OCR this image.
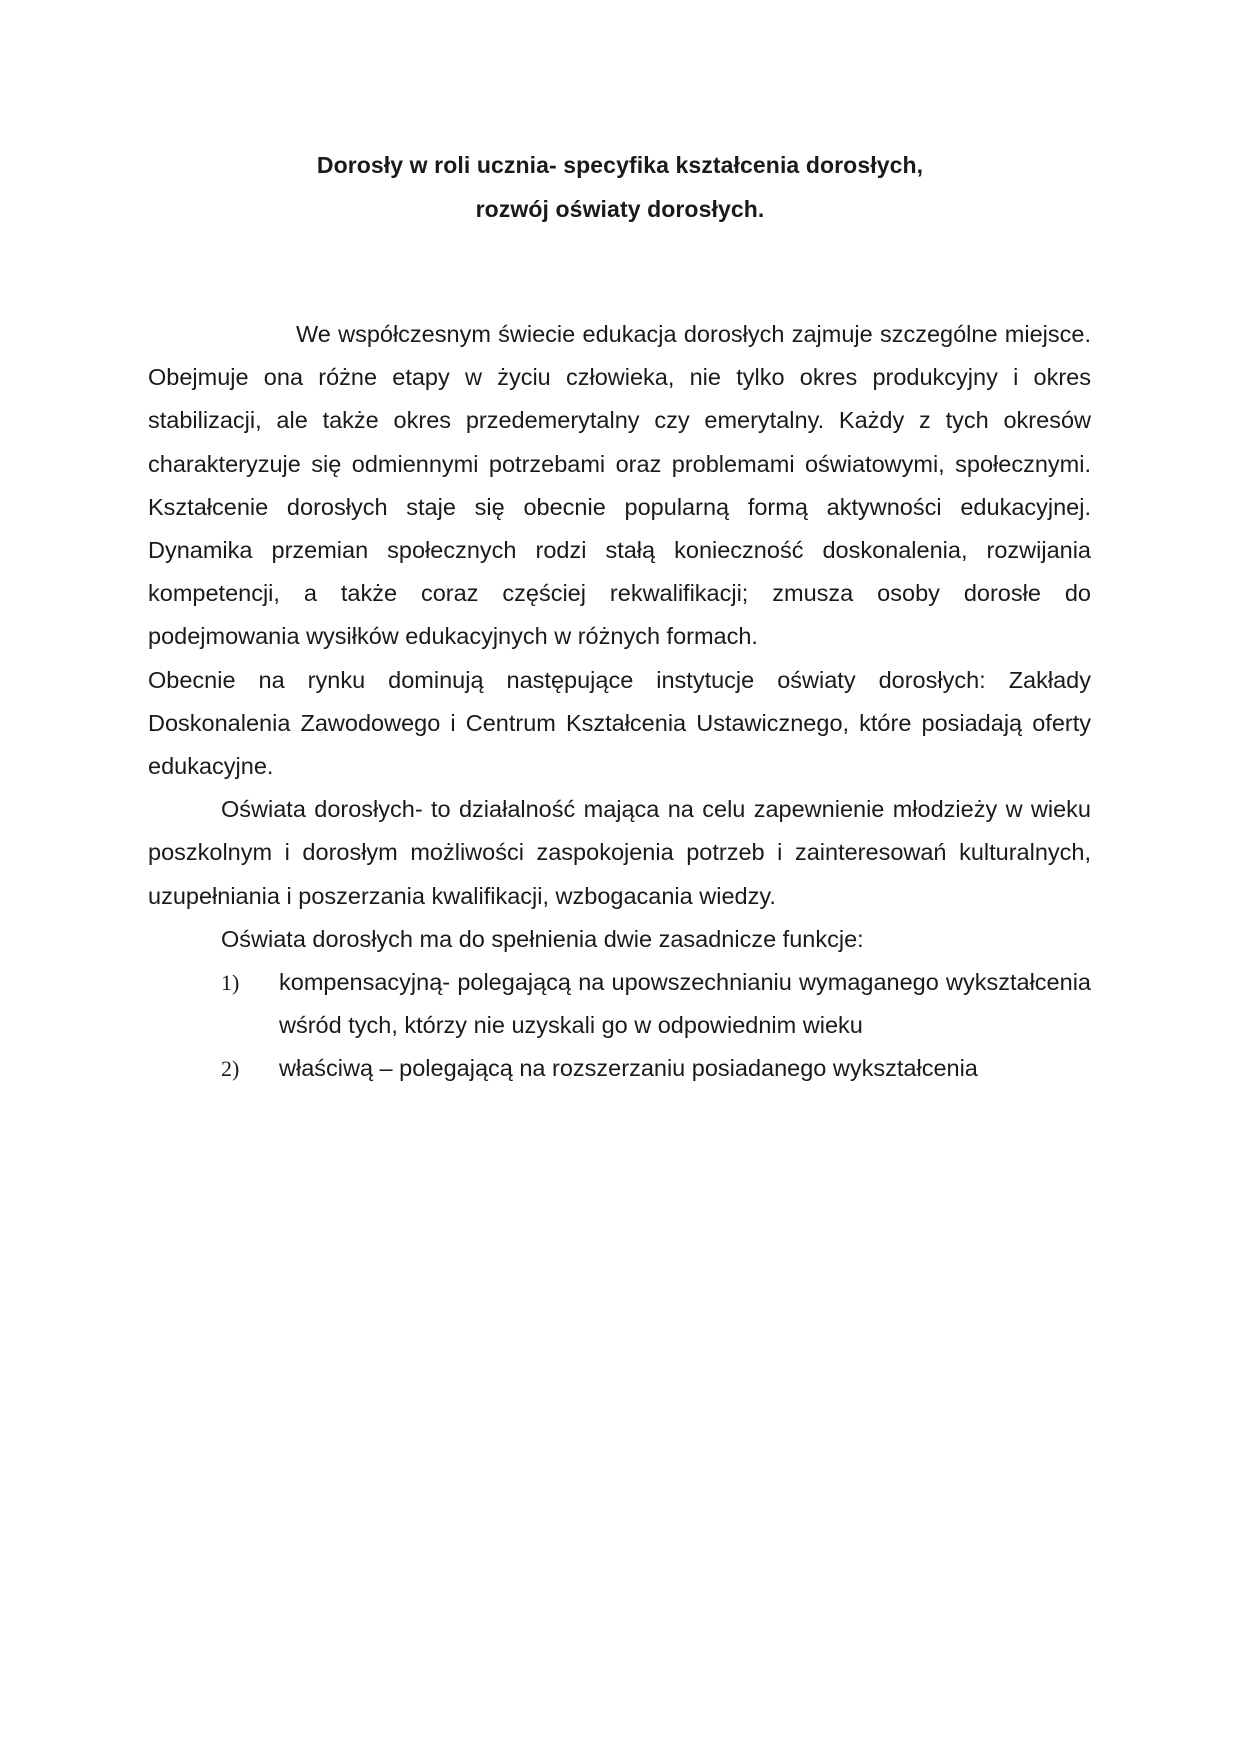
Dorosły w roli ucznia- specyfika kształcenia dorosłych,
rozwój oświaty dorosłych.

We współczesnym świecie edukacja dorosłych zajmuje szczególne miejsce. Obejmuje ona różne etapy w życiu człowieka, nie tylko okres produkcyjny i okres stabilizacji, ale także okres przedemerytalny czy emerytalny. Każdy z tych okresów charakteryzuje się odmiennymi potrzebami oraz problemami oświatowymi, społecznymi. Kształcenie dorosłych staje się obecnie popularną formą aktywności edukacyjnej. Dynamika przemian społecznych rodzi stałą konieczność doskonalenia, rozwijania kompetencji, a także coraz częściej rekwalifikacji; zmusza osoby dorosłe do podejmowania wysiłków edukacyjnych w różnych formach.

Obecnie na rynku dominują następujące instytucje oświaty dorosłych: Zakłady Doskonalenia Zawodowego i Centrum Kształcenia Ustawicznego, które posiadają oferty edukacyjne.

Oświata dorosłych- to działalność mająca na celu zapewnienie młodzieży w wieku poszkolnym i dorosłym możliwości zaspokojenia potrzeb i zainteresowań kulturalnych, uzupełniania i poszerzania kwalifikacji, wzbogacania wiedzy.

Oświata dorosłych ma do spełnienia dwie zasadnicze funkcje:

1) kompensacyjną- polegającą na upowszechnianiu wymaganego wykształcenia wśród tych, którzy nie uzyskali go w odpowiednim wieku
2) właściwą – polegającą na rozszerzaniu posiadanego wykształcenia
